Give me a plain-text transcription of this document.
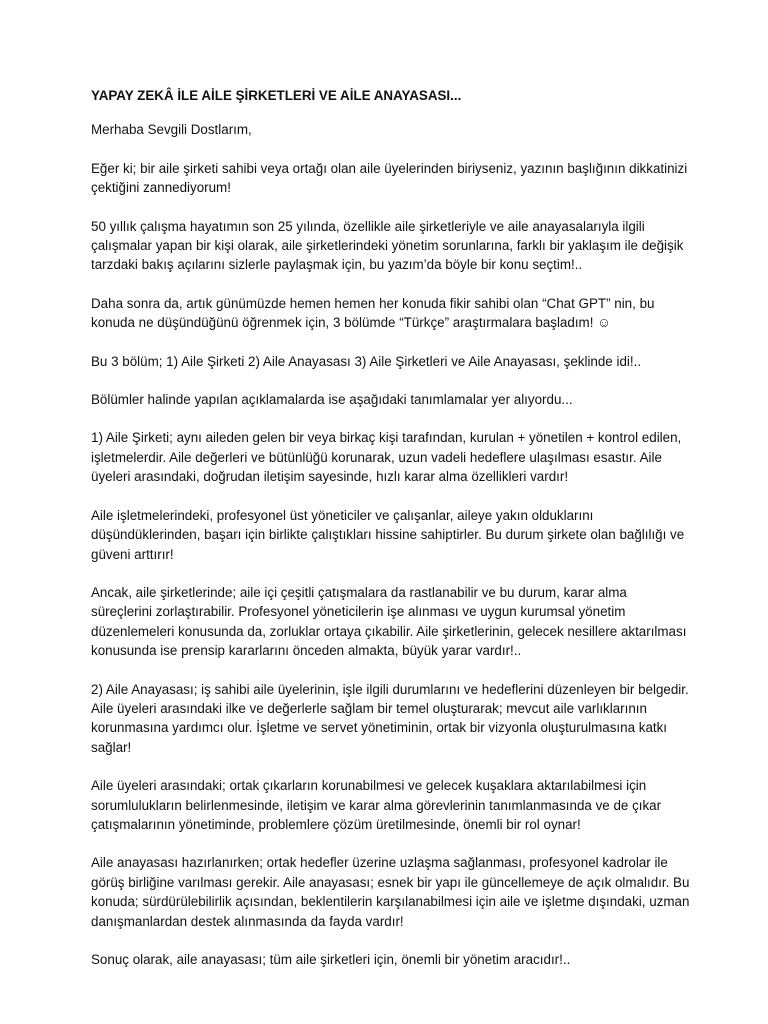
YAPAY ZEKÂ İLE AİLE ŞİRKETLERİ VE AİLE ANAYASASI...

Merhaba Sevgili Dostlarım,

Eğer ki; bir aile şirketi sahibi veya ortağı olan aile üyelerinden biriyseniz, yazının başlığının dikkatinizi çektiğini zannediyorum!

50 yıllık çalışma hayatımın son 25 yılında, özellikle aile şirketleriyle ve aile anayasalarıyla ilgili çalışmalar yapan bir kişi olarak, aile şirketlerindeki yönetim sorunlarına, farklı bir yaklaşım ile değişik tarzdaki bakış açılarını sizlerle paylaşmak için, bu yazım’da böyle bir konu seçtim!..

Daha sonra da, artık günümüzde hemen hemen her konuda fikir sahibi olan “Chat GPT” nin, bu konuda ne düşündüğünü öğrenmek için, 3 bölümde “Türkçe” araştırmalara başladım! ☺

Bu 3 bölüm; 1) Aile Şirketi 2) Aile Anayasası 3) Aile Şirketleri ve Aile Anayasası, şeklinde idi!..

Bölümler halinde yapılan açıklamalarda ise aşağıdaki tanımlamalar yer alıyordu...

1) Aile Şirketi; aynı aileden gelen bir veya birkaç kişi tarafından, kurulan + yönetilen + kontrol edilen, işletmelerdir. Aile değerleri ve bütünlüğü korunarak, uzun vadeli hedeflere ulaşılması esastır. Aile üyeleri arasındaki, doğrudan iletişim sayesinde, hızlı karar alma özellikleri vardır!

Aile işletmelerindeki, profesyonel üst yöneticiler ve çalışanlar, aileye yakın olduklarını düşündüklerinden, başarı için birlikte çalıştıkları hissine sahiptirler. Bu durum şirkete olan bağlılığı ve güveni arttırır!

Ancak, aile şirketlerinde; aile içi çeşitli çatışmalara da rastlanabilir ve bu durum, karar alma süreçlerini zorlaştırabilir. Profesyonel yöneticilerin işe alınması ve uygun kurumsal yönetim düzenlemeleri konusunda da, zorluklar ortaya çıkabilir. Aile şirketlerinin, gelecek nesillere aktarılması konusunda ise prensip kararlarını önceden almakta, büyük yarar vardır!..

2) Aile Anayasası; iş sahibi aile üyelerinin, işle ilgili durumlarını ve hedeflerini düzenleyen bir belgedir. Aile üyeleri arasındaki ilke ve değerlerle sağlam bir temel oluşturarak; mevcut aile varlıklarının korunmasına yardımcı olur. İşletme ve servet yönetiminin, ortak bir vizyonla oluşturulmasına katkı sağlar!

Aile üyeleri arasındaki; ortak çıkarların korunabilmesi ve gelecek kuşaklara aktarılabilmesi için sorumlulukların belirlenmesinde, iletişim ve karar alma görevlerinin tanımlanmasında ve de çıkar çatışmalarının yönetiminde, problemlere çözüm üretilmesinde, önemli bir rol oynar!

Aile anayasası hazırlanırken; ortak hedefler üzerine uzlaşma sağlanması, profesyonel kadrolar ile görüş birliğine varılması gerekir. Aile anayasası; esnek bir yapı ile güncellemeye de açık olmalıdır. Bu konuda; sürdürülebilirlik açısından, beklentilerin karşılanabilmesi için aile ve işletme dışındaki, uzman danışmanlardan destek alınmasında da fayda vardır!

Sonuç olarak, aile anayasası; tüm aile şirketleri için, önemli bir yönetim aracıdır!..
